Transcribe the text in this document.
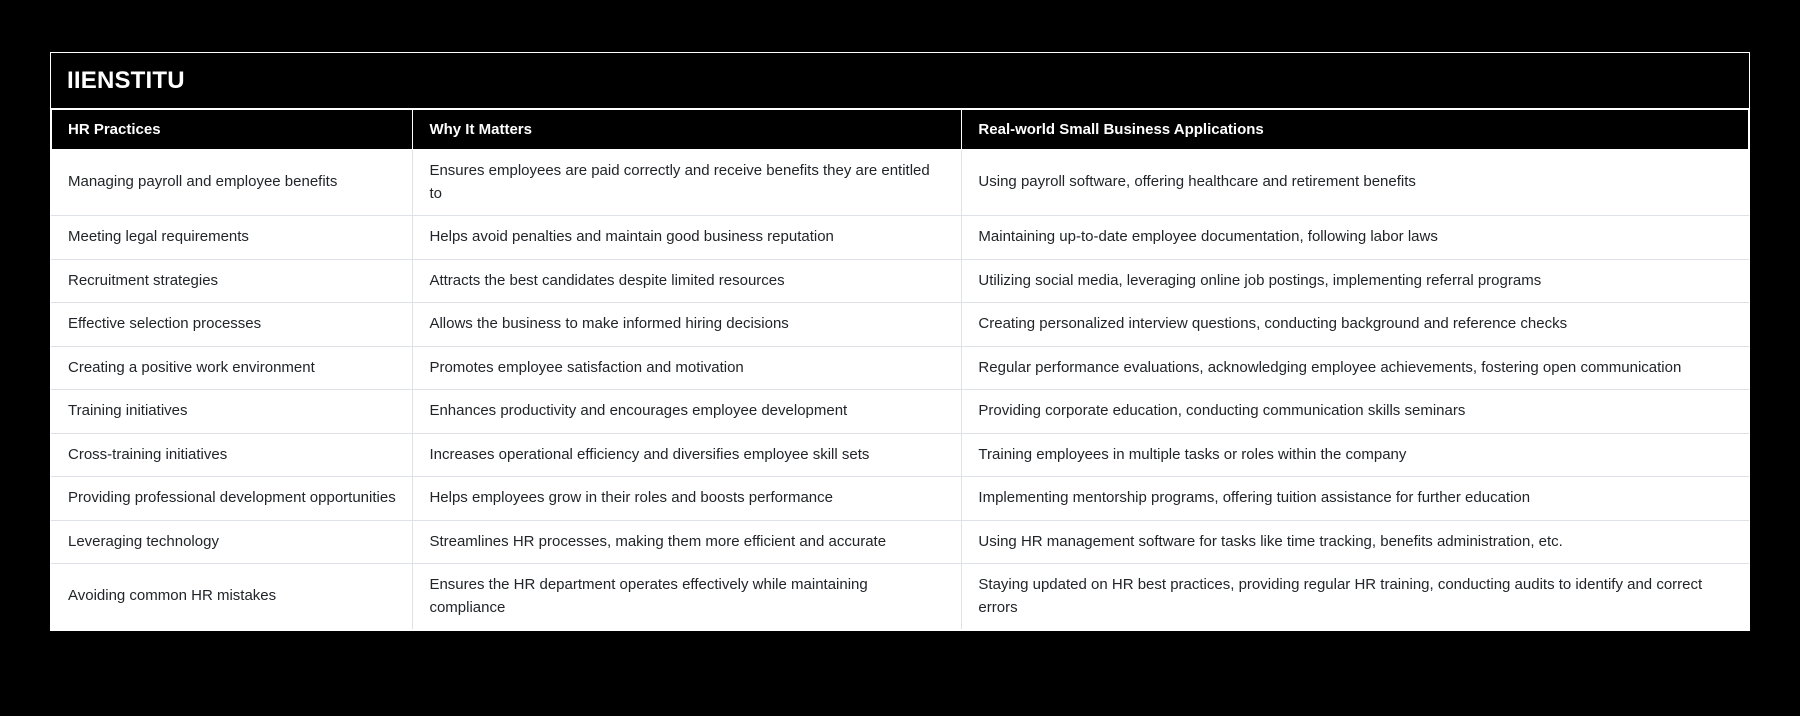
IIENSTITU
HR Practices	Why It Matters	Real-world Small Business Applications
Managing payroll and employee benefits	Ensures employees are paid correctly and receive benefits they are entitled to	Using payroll software, offering healthcare and retirement benefits
Meeting legal requirements	Helps avoid penalties and maintain good business reputation	Maintaining up-to-date employee documentation, following labor laws
Recruitment strategies	Attracts the best candidates despite limited resources	Utilizing social media, leveraging online job postings, implementing referral programs
Effective selection processes	Allows the business to make informed hiring decisions	Creating personalized interview questions, conducting background and reference checks
Creating a positive work environment	Promotes employee satisfaction and motivation	Regular performance evaluations, acknowledging employee achievements, fostering open communication
Training initiatives	Enhances productivity and encourages employee development	Providing corporate education, conducting communication skills seminars
Cross-training initiatives	Increases operational efficiency and diversifies employee skill sets	Training employees in multiple tasks or roles within the company
Providing professional development opportunities	Helps employees grow in their roles and boosts performance	Implementing mentorship programs, offering tuition assistance for further education
Leveraging technology	Streamlines HR processes, making them more efficient and accurate	Using HR management software for tasks like time tracking, benefits administration, etc.
Avoiding common HR mistakes	Ensures the HR department operates effectively while maintaining compliance	Staying updated on HR best practices, providing regular HR training, conducting audits to identify and correct errors
